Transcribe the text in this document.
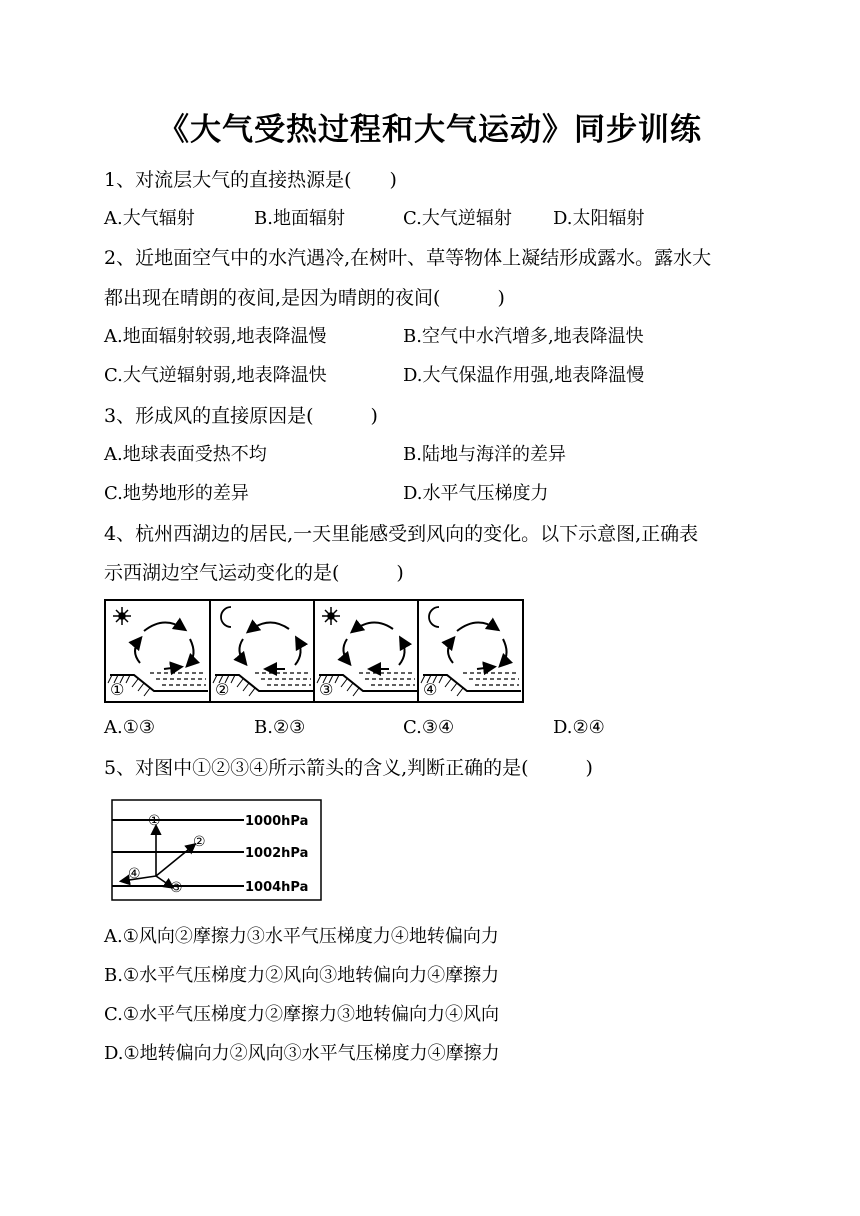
《大气受热过程和大气运动》同步训练
1、对流层大气的直接热源是(　　)
A.大气辐射	B.地面辐射	C.大气逆辐射 D.太阳辐射
2、近地面空气中的水汽遇冷,在树叶、草等物体上凝结形成露水。露水大
都出现在晴朗的夜间,是因为晴朗的夜间(　　　)
A.地面辐射较弱,地表降温慢	B.空气中水汽增多,地表降温快
C.大气逆辐射弱,地表降温快	D.大气保温作用强,地表降温慢
3、形成风的直接原因是(　　　)
A.地球表面受热不均	B.陆地与海洋的差异
C.地势地形的差异	D.水平气压梯度力
4、杭州西湖边的居民,一天里能感受到风向的变化。以下示意图,正确表
示西湖边空气运动变化的是(　　　)
①	②	③	④
A.①③	B.②③	C.③④	D.②④
5、对图中①②③④所示箭头的含义,判断正确的是(　　　)
1000hPa
1002hPa
1004hPa
①
②
③
④
A.①风向②摩擦力③水平气压梯度力④地转偏向力
B.①水平气压梯度力②风向③地转偏向力④摩擦力
C.①水平气压梯度力②摩擦力③地转偏向力④风向
D.①地转偏向力②风向③水平气压梯度力④摩擦力
